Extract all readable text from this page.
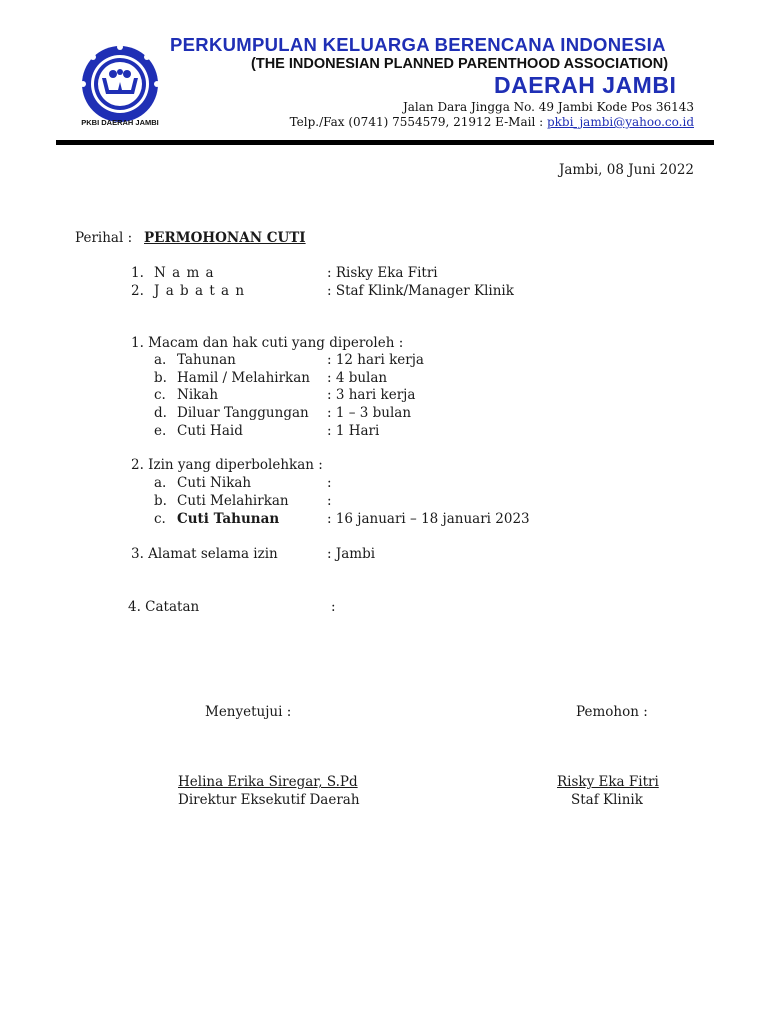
PKBI DAERAH JAMBI
PERKUMPULAN KELUARGA BERENCANA INDONESIA
(THE INDONESIAN PLANNED PARENTHOOD ASSOCIATION)
DAERAH JAMBI
Jalan Dara Jingga No. 49 Jambi Kode Pos 36143
Telp./Fax (0741) 7554579, 21912 E-Mail : pkbi_jambi@yahoo.co.id
Jambi, 08 Juni 2022
Perihal : PERMOHONAN CUTI
1. N a m a	: Risky Eka Fitri
2. J a b a t a n	: Staf Klink/Manager Klinik
1. Macam dan hak cuti yang diperoleh :
a. Tahunan	: 12 hari kerja
b. Hamil / Melahirkan : 4 bulan
c. Nikah	: 3 hari kerja
d. Diluar Tanggungan : 1 – 3 bulan
e. Cuti Haid	: 1 Hari
2. Izin yang diperbolehkan :
a. Cuti Nikah	:
b. Cuti Melahirkan	:
c. Cuti Tahunan	: 16 januari – 18 januari 2023
3. Alamat selama izin	: Jambi
4. Catatan	:
Menyetujui :	Pemohon :
Helina Erika Siregar, S.Pd
Direktur Eksekutif Daerah
Risky Eka Fitri
Staf Klinik
